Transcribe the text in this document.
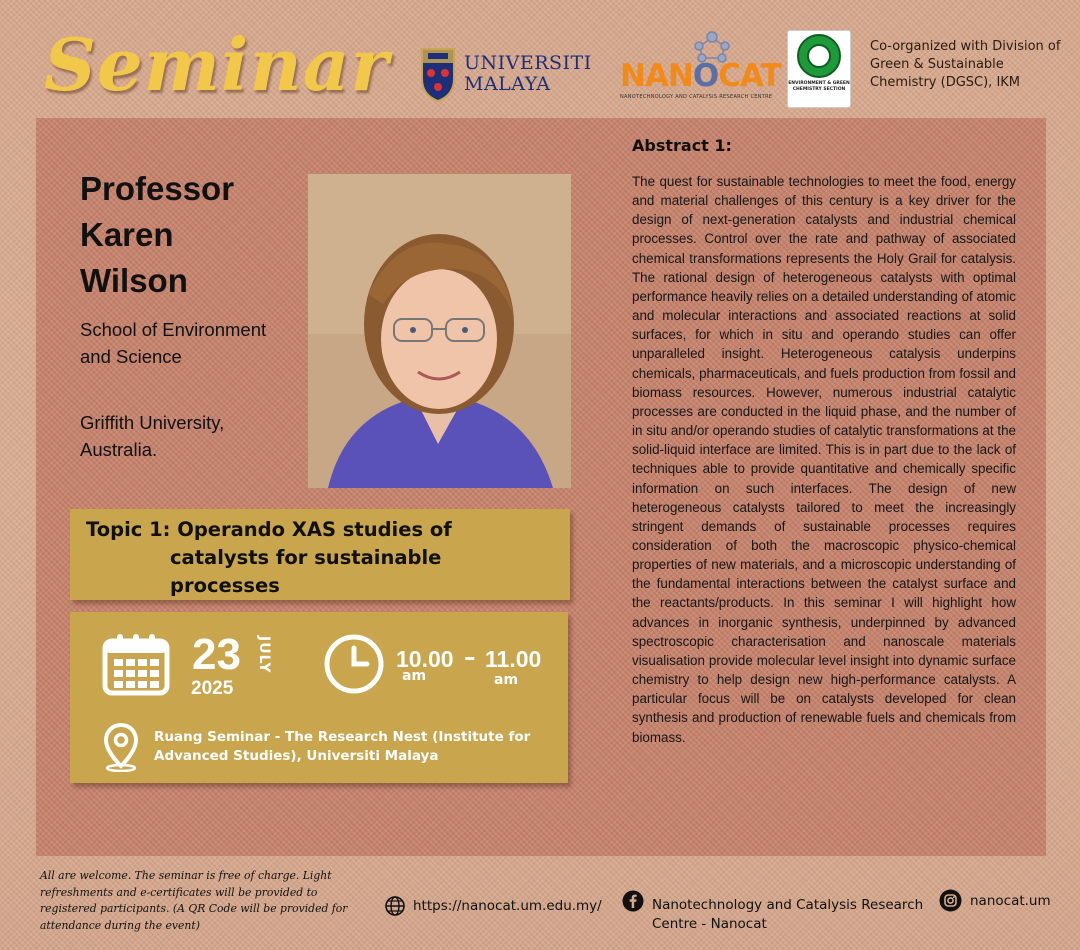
Seminar	UNIVERSITI
MALAYA	NANOCAT
NANOTECHNOLOGY AND CATALYSIS RESEARCH CENTRE
ENVIRONMENT & GREEN CHEMISTRY SECTION
Co-organized with Division of Green & Sustainable Chemistry (DGSC), IKM
Professor
Karen
Wilson
School of Environment and Science
Griffith University, Australia.
Topic 1: Operando XAS studies of
catalysts for sustainable
processes
23 JULY
2025
10.00 – 11.00
am	am
Ruang Seminar - The Research Nest (Institute for Advanced Studies), Universiti Malaya
Abstract 1:
The quest for sustainable technologies to meet the food, energy and material challenges of this century is a key driver for the design of next-generation catalysts and industrial chemical processes. Control over the rate and pathway of associated chemical transformations represents the Holy Grail for catalysis. The rational design of heterogeneous catalysts with optimal performance heavily relies on a detailed understanding of atomic and molecular interactions and associated reactions at solid surfaces, for which in situ and operando studies can offer unparalleled insight. Heterogeneous catalysis underpins chemicals, pharmaceuticals, and fuels production from fossil and biomass resources. However, numerous industrial catalytic processes are conducted in the liquid phase, and the number of in situ and/or operando studies of catalytic transformations at the solid-liquid interface are limited. This is in part due to the lack of techniques able to provide quantitative and chemically specific information on such interfaces. The design of new heterogeneous catalysts tailored to meet the increasingly stringent demands of sustainable processes requires consideration of both the macroscopic physico-chemical properties of new materials, and a microscopic understanding of the fundamental interactions between the catalyst surface and the reactants/products. In this seminar I will highlight how advances in inorganic synthesis, underpinned by advanced spectroscopic characterisation and nanoscale materials visualisation provide molecular level insight into dynamic surface chemistry to help design new high-performance catalysts. A particular focus will be on catalysts developed for clean synthesis and production of renewable fuels and chemicals from biomass.
All are welcome. The seminar is free of charge. Light refreshments and e-certificates will be provided to registered participants. (A QR Code will be provided for attendance during the event)
https://nanocat.um.edu.my/	Nanotechnology and Catalysis Research Centre - Nanocat
nanocat.um
